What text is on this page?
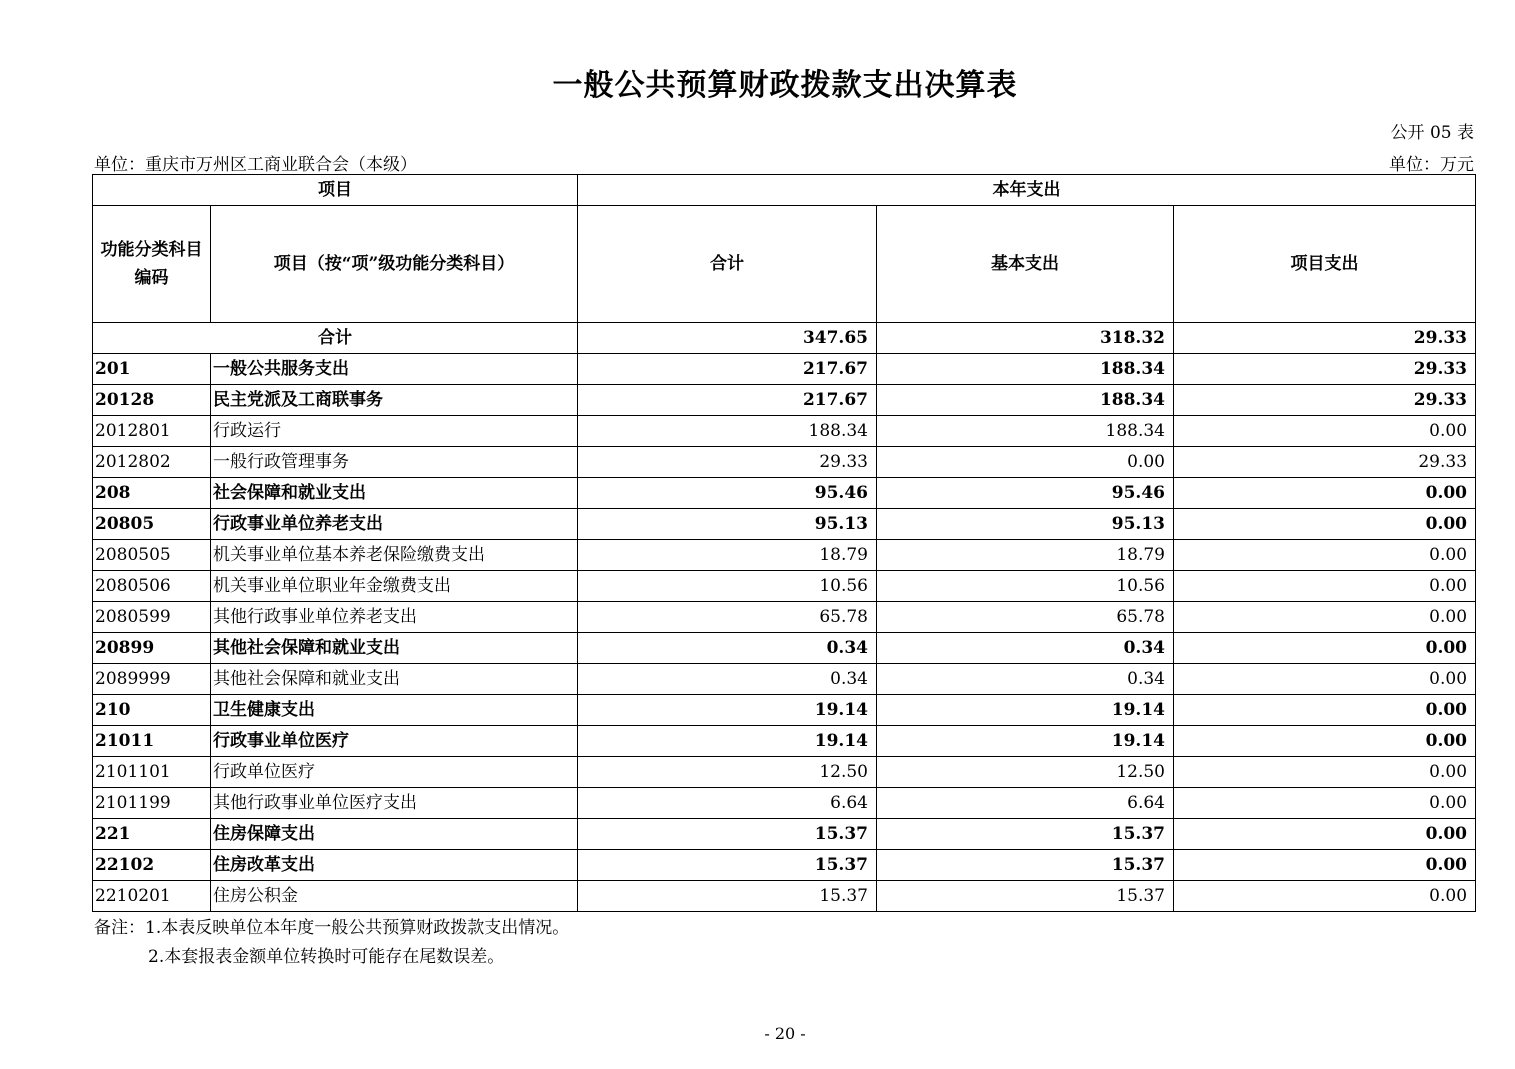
一般公共预算财政拨款支出决算表
公开 05 表
单位：重庆市万州区工商业联合会（本级）	单位：万元
项目		本年支出		
功能分类科目编码	项目（按“项”级功能分类科目）	合计	基本支出	项目支出
合计		347.65	318.32	29.33
201	一般公共服务支出	217.67	188.34	29.33
20128	民主党派及工商联事务	217.67	188.34	29.33
2012801	行政运行	188.34	188.34	0.00
2012802	一般行政管理事务	29.33	0.00	29.33
208	社会保障和就业支出	95.46	95.46	0.00
20805	行政事业单位养老支出	95.13	95.13	0.00
2080505	机关事业单位基本养老保险缴费支出	18.79	18.79	0.00
2080506	机关事业单位职业年金缴费支出	10.56	10.56	0.00
2080599	其他行政事业单位养老支出	65.78	65.78	0.00
20899	其他社会保障和就业支出	0.34	0.34	0.00
2089999	其他社会保障和就业支出	0.34	0.34	0.00
210	卫生健康支出	19.14	19.14	0.00
21011	行政事业单位医疗	19.14	19.14	0.00
2101101	行政单位医疗	12.50	12.50	0.00
2101199	其他行政事业单位医疗支出	6.64	6.64	0.00
221	住房保障支出	15.37	15.37	0.00
22102	住房改革支出	15.37	15.37	0.00
2210201	住房公积金	15.37	15.37	0.00
备注：1.本表反映单位本年度一般公共预算财政拨款支出情况。
2.本套报表金额单位转换时可能存在尾数误差。
- 20 -
